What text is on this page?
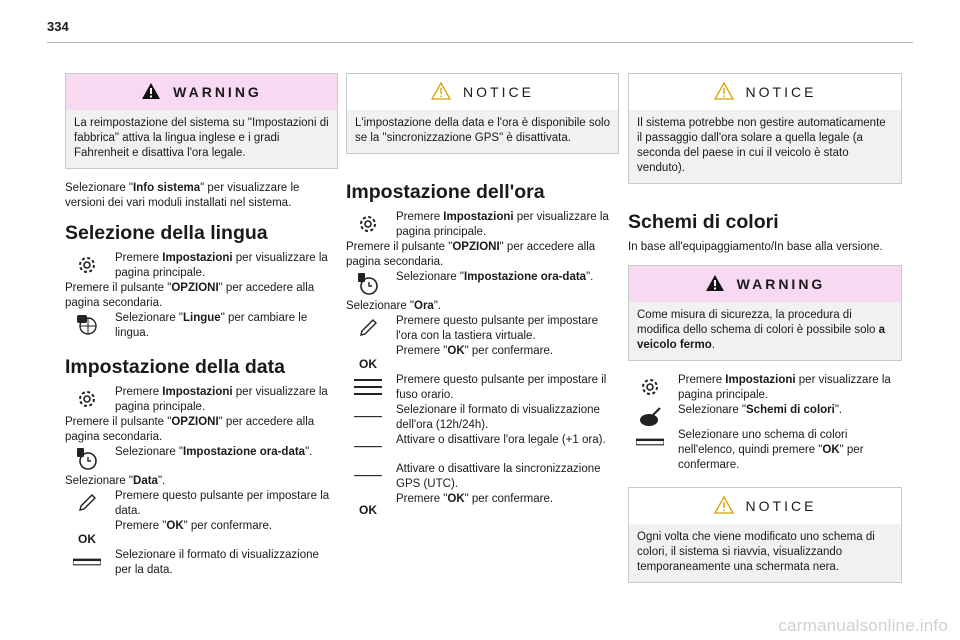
334
WARNING
La reimpostazione del sistema su "Impostazioni di fabbrica" attiva la lingua inglese e i gradi Fahrenheit e disattiva l'ora legale.
Selezionare "Info sistema" per visualizzare le versioni dei vari moduli installati nel sistema.
Selezione della lingua
Premere Impostazioni per visualizzare la pagina principale.
Premere il pulsante "OPZIONI" per accedere alla pagina secondaria.
Selezionare "Lingue" per cambiare le lingua.
Impostazione della data
Premere Impostazioni per visualizzare la pagina principale.
Premere il pulsante "OPZIONI" per accedere alla pagina secondaria.
Selezionare "Impostazione ora-data".
Selezionare "Data".
Premere questo pulsante per impostare la data.
OK
Premere "OK" per confermare.
Selezionare il formato di visualizzazione per la data.
NOTICE
L'impostazione della data e l'ora è disponibile solo se la "sincronizzazione GPS" è disattivata.
Impostazione dell'ora
Premere Impostazioni per visualizzare la pagina principale.
Premere il pulsante "OPZIONI" per accedere alla pagina secondaria.
Selezionare "Impostazione ora-data".
Selezionare "Ora".
Premere questo pulsante per impostare l'ora con la tastiera virtuale.
OK
Premere "OK" per confermare.
Premere questo pulsante per impostare il fuso orario.
Selezionare il formato di visualizzazione dell'ora (12h/24h).
Attivare o disattivare l'ora legale (+1 ora).
Attivare o disattivare la sincronizzazione GPS (UTC).
OK
Premere "OK" per confermare.
NOTICE
Il sistema potrebbe non gestire automaticamente il passaggio dall'ora solare a quella legale (a seconda del paese in cui il veicolo è stato venduto).
Schemi di colori
In base all'equipaggiamento/In base alla versione.
WARNING
Come misura di sicurezza, la procedura di modifica dello schema di colori è possibile solo a veicolo fermo.
Premere Impostazioni per visualizzare la pagina principale.
Selezionare "Schemi di colori".
Selezionare uno schema di colori nell'elenco, quindi premere "OK" per confermare.
NOTICE
Ogni volta che viene modificato uno schema di colori, il sistema si riavvia, visualizzando temporaneamente una schermata nera.
carmanualsonline.info
